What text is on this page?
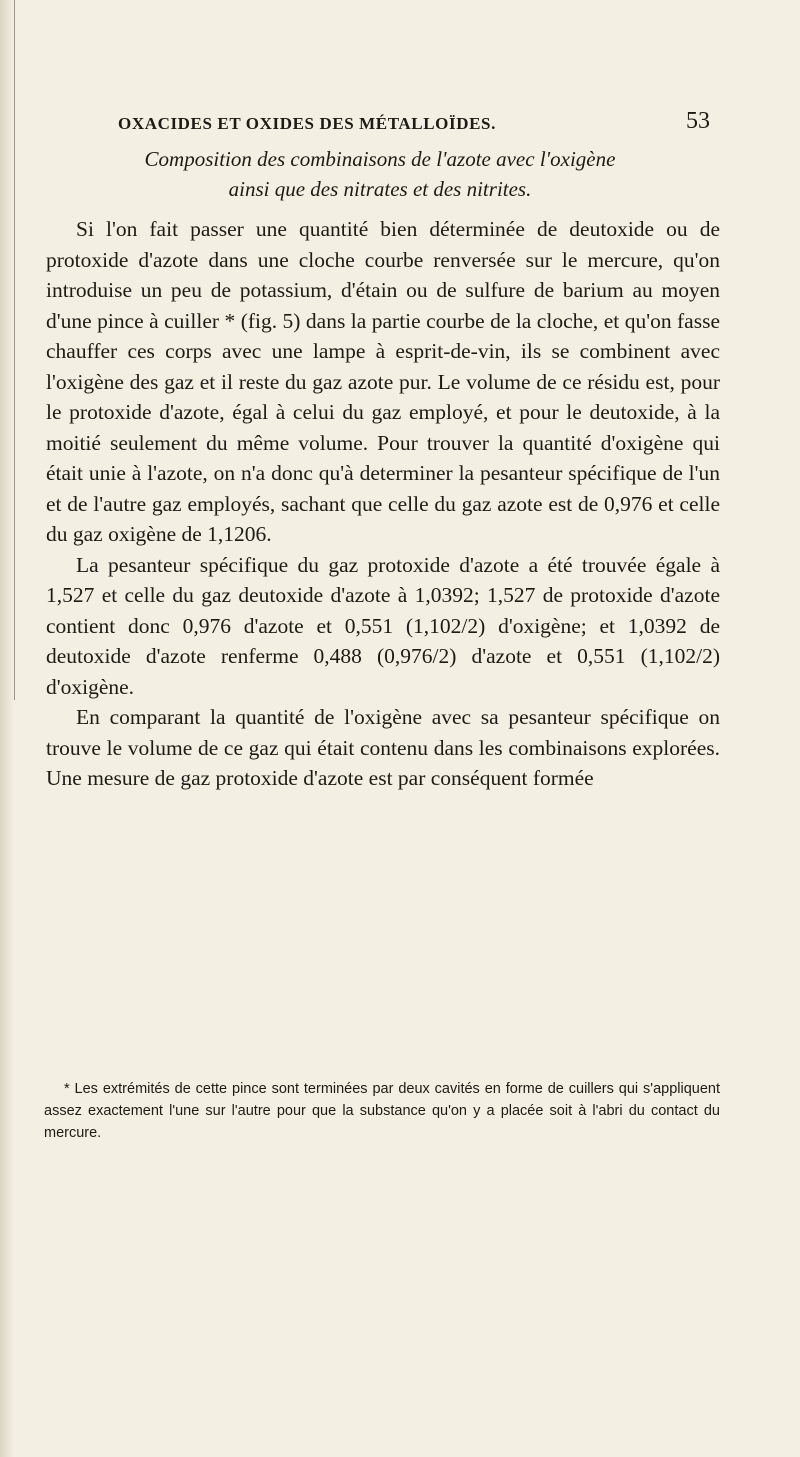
OXACIDES ET OXIDES DES MÉTALLOÏDES.	53
Composition des combinaisons de l'azote avec l'oxigène
ainsi que des nitrates et des nitrites.

Si l'on fait passer une quantité bien déterminée de deutoxide ou de protoxide d'azote dans une cloche courbe renversée sur le mercure, qu'on introduise un peu de potassium, d'étain ou de sulfure de barium au moyen d'une pince à cuiller * (fig. 5) dans la partie courbe de la cloche, et qu'on fasse chauffer ces corps avec une lampe à esprit-de-vin, ils se combinent avec l'oxigène des gaz et il reste du gaz azote pur. Le volume de ce résidu est, pour le protoxide d'azote, égal à celui du gaz employé, et pour le deutoxide, à la moitié seulement du même volume. Pour trouver la quantité d'oxigène qui était unie à l'azote, on n'a donc qu'à determiner la pesanteur spécifique de l'un et de l'autre gaz employés, sachant que celle du gaz azote est de 0,976 et celle du gaz oxigène de 1,1206.

La pesanteur spécifique du gaz protoxide d'azote a été trouvée égale à 1,527 et celle du gaz deutoxide d'azote à 1,0392; 1,527 de protoxide d'azote contient donc 0,976 d'azote et 0,551 (1,102/2) d'oxigène; et 1,0392 de deutoxide d'azote renferme 0,488 (0,976/2) d'azote et 0,551 (1,102/2) d'oxigène.

En comparant la quantité de l'oxigène avec sa pesanteur spécifique on trouve le volume de ce gaz qui était contenu dans les combinaisons explorées. Une mesure de gaz protoxide d'azote est par conséquent formée

* Les extrémités de cette pince sont terminées par deux cavités en forme de cuillers qui s'appliquent assez exactement l'une sur l'autre pour que la substance qu'on y a placée soit à l'abri du contact du mercure.
